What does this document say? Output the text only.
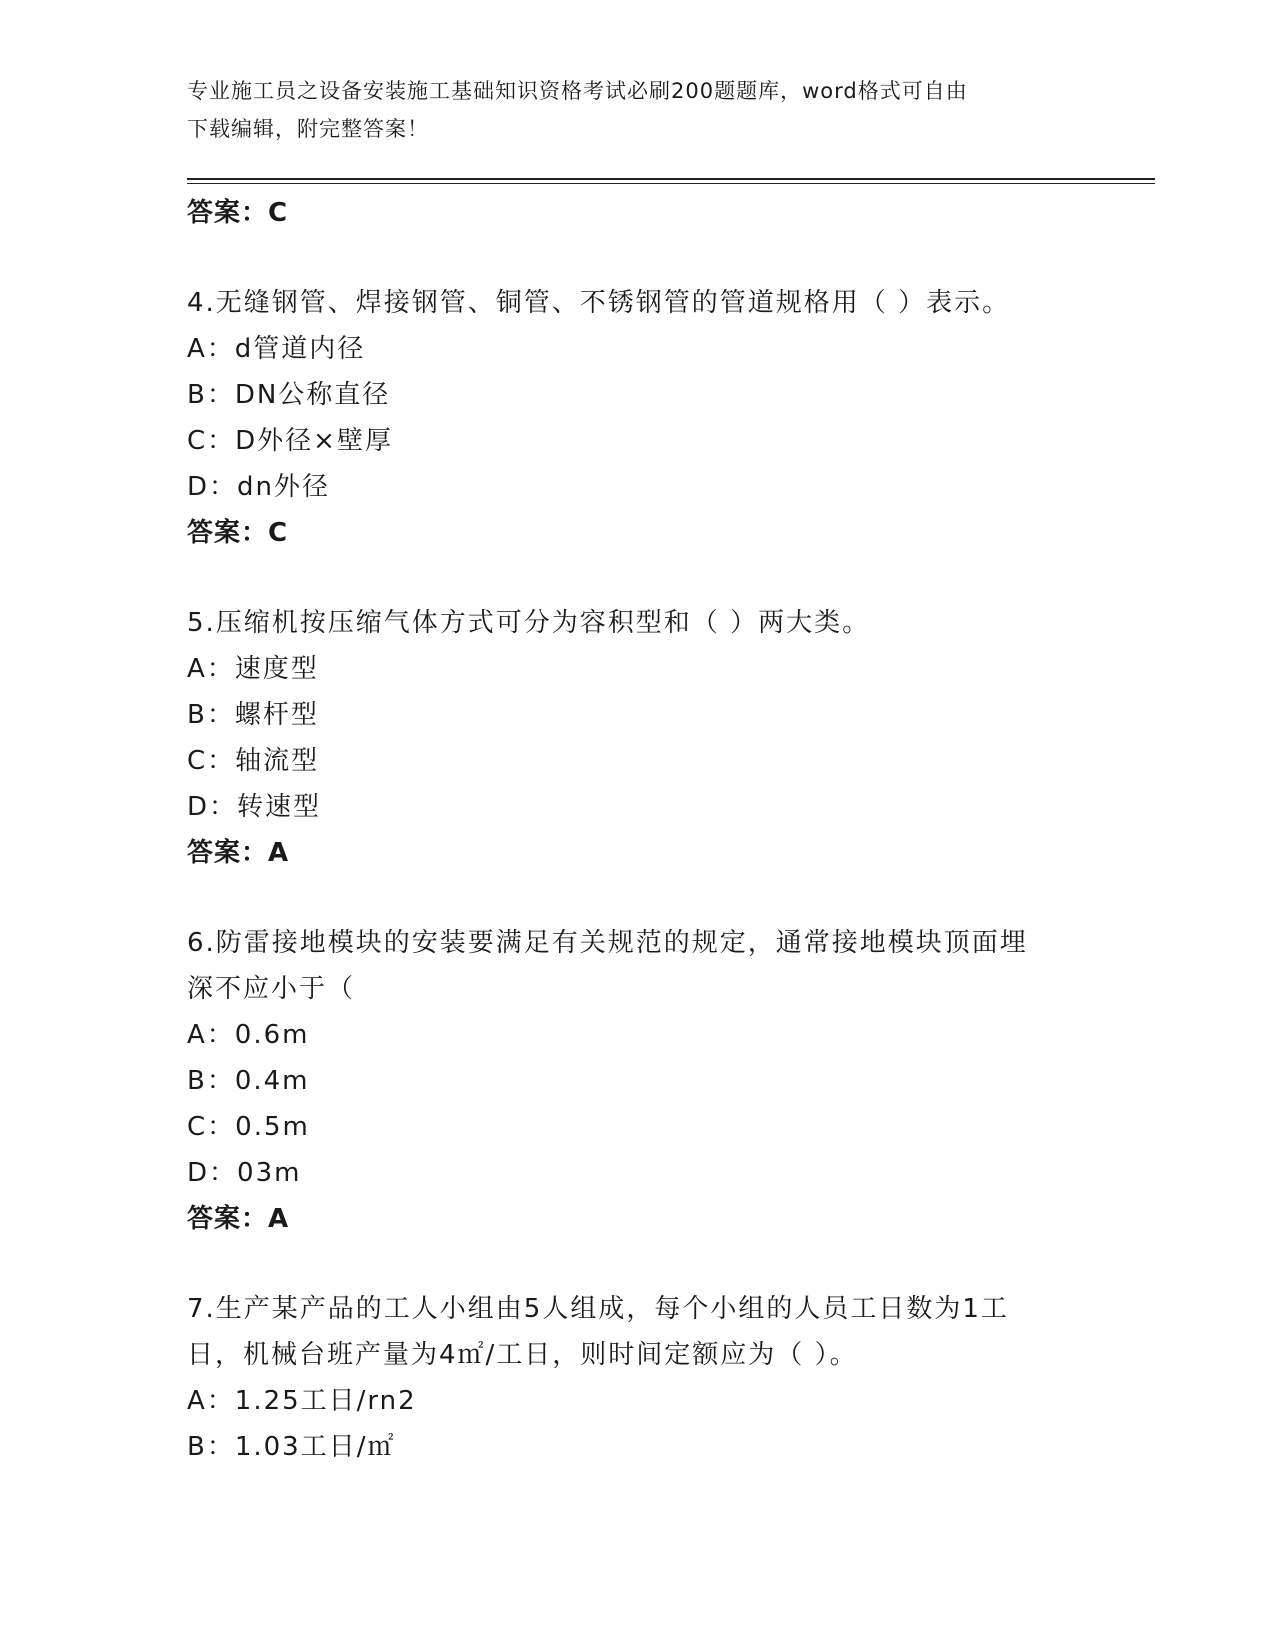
专业施工员之设备安装施工基础知识资格考试必刷200题题库，word格式可自由
下载编辑，附完整答案！
答案：C
4.无缝钢管、焊接钢管、铜管、不锈钢管的管道规格用（ ）表示。
A：d管道内径
B：DN公称直径
C：D外径×壁厚
D：dn外径
答案：C
5.压缩机按压缩气体方式可分为容积型和（ ）两大类。
A：速度型
B：螺杆型
C：轴流型
D：转速型
答案：A
6.防雷接地模块的安装要满足有关规范的规定，通常接地模块顶面埋
深不应小于（
A：0.6m
B：0.4m
C：0.5m
D：03m
答案：A
7.生产某产品的工人小组由5人组成，每个小组的人员工日数为1工
日，机械台班产量为4㎡/工日，则时间定额应为（ ）。
A：1.25工日/rn2
B：1.03工日/㎡
